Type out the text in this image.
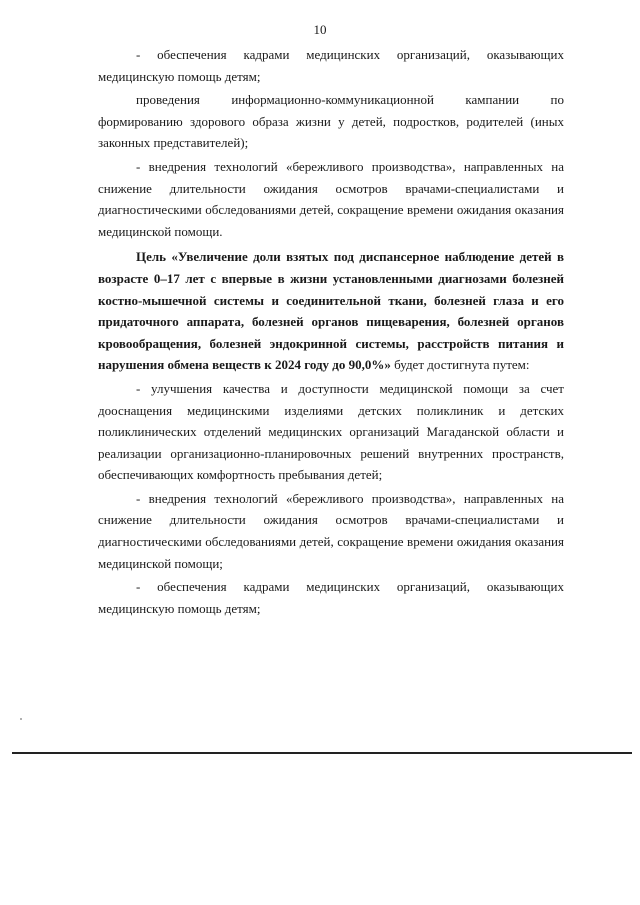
10

- обеспечения кадрами медицинских организаций, оказывающих медицинскую помощь детям;

проведения информационно-коммуникационной кампании по формированию здорового образа жизни у детей, подростков, родителей (иных законных представителей);

- внедрения технологий «бережливого производства», направленных на снижение длительности ожидания осмотров врачами-специалистами и диагностическими обследованиями детей, сокращение времени ожидания оказания медицинской помощи.

Цель «Увеличение доли взятых под диспансерное наблюдение детей в возрасте 0–17 лет с впервые в жизни установленными диагнозами болезней костно-мышечной системы и соединительной ткани, болезней глаза и его придаточного аппарата, болезней органов пищеварения, болезней органов кровообращения, болезней эндокринной системы, расстройств питания и нарушения обмена веществ к 2024 году до 90,0%» будет достигнута путем:

- улучшения качества и доступности медицинской помощи за счет дооснащения медицинскими изделиями детских поликлиник и детских поликлинических отделений медицинских организаций Магаданской области и реализации организационно-планировочных решений внутренних пространств, обеспечивающих комфортность пребывания детей;

- внедрения технологий «бережливого производства», направленных на снижение длительности ожидания осмотров врачами-специалистами и диагностическими обследованиями детей, сокращение времени ожидания оказания медицинской помощи;

- обеспечения кадрами медицинских организаций, оказывающих медицинскую помощь детям;
